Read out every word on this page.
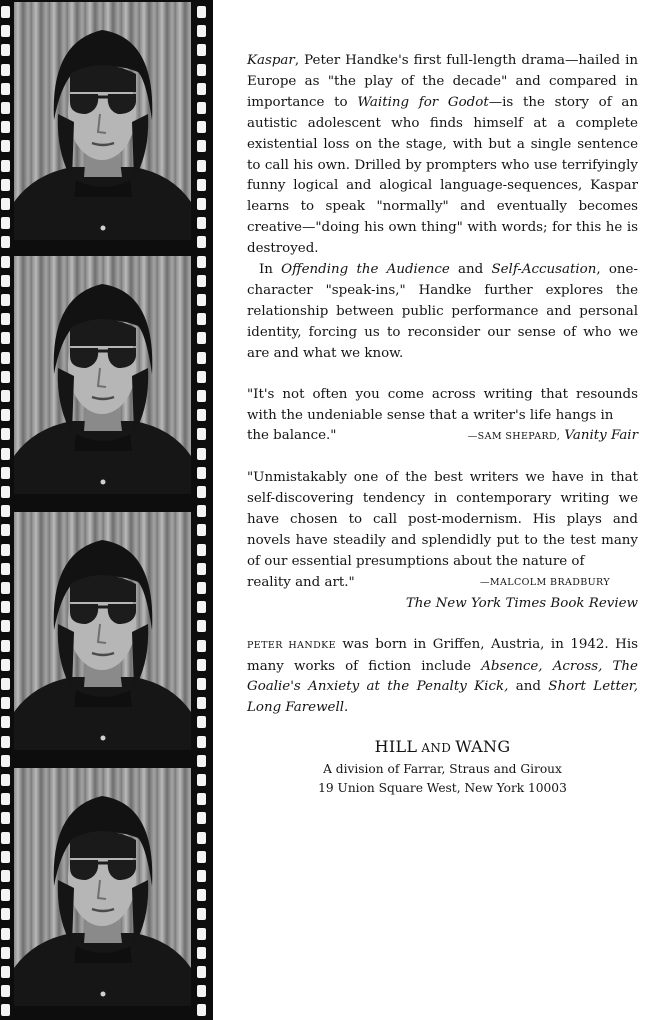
Kaspar, Peter Handke's first full-length drama—hailed in Europe as "the play of the decade" and compared in importance to Waiting for Godot—is the story of an autistic adolescent who finds himself at a complete existential loss on the stage, with but a single sentence to call his own. Drilled by prompters who use terrifyingly funny logical and alogical language-sequences, Kaspar learns to speak "normally" and eventually becomes creative—"doing his own thing" with words; for this he is destroyed.

In Offending the Audience and Self-Accusation, one-character "speak-ins," Handke further explores the relationship between public performance and personal identity, forcing us to reconsider our sense of who we are and what we know.

"It's not often you come across writing that resounds with the undeniable sense that a writer's life hangs in

the balance."	—SAM SHEPARD, Vanity Fair

"Unmistakably one of the best writers we have in that self-discovering tendency in contemporary writing we have chosen to call post-modernism. His plays and novels have steadily and splendidly put to the test many of our essential presumptions about the nature of

reality and art."	—MALCOLM BRADBURY
The New York Times Book Review

PETER HANDKE was born in Griffen, Austria, in 1942. His many works of fiction include Absence, Across, The Goalie's Anxiety at the Penalty Kick, and Short Letter, Long Farewell.

HILL AND WANG
A division of Farrar, Straus and Giroux
19 Union Square West, New York 10003
